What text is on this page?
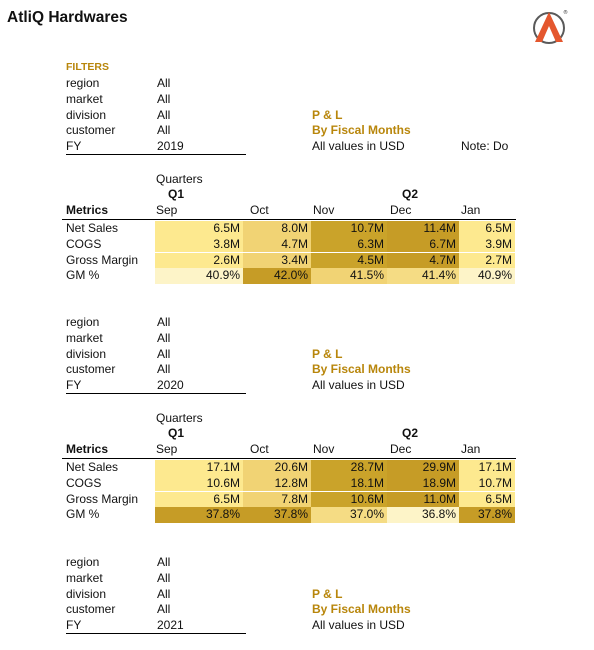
AtliQ Hardwares	®
FILTERS
region	All
market	All
division	All
customer	All
FY	2019
P & L
By Fiscal Months
All values in USD	Note: Do
Quarters
Q1	Q2
Metrics	Sep	Oct	Nov	Dec	Jan
Net Sales	6.5M	8.0M	10.7M	11.4M	6.5M
COGS	3.8M	4.7M	6.3M	6.7M	3.9M
Gross Margin	2.6M	3.4M	4.5M	4.7M	2.7M
GM %	40.9%	42.0%	41.5%	41.4%	40.9%
region	All
market	All
division	All
customer	All
FY	2020
P & L
By Fiscal Months
All values in USD
Quarters
Q1	Q2
Metrics	Sep	Oct	Nov	Dec	Jan
Net Sales	17.1M	20.6M	28.7M	29.9M	17.1M
COGS	10.6M	12.8M	18.1M	18.9M	10.7M
Gross Margin	6.5M	7.8M	10.6M	11.0M	6.5M
GM %	37.8%	37.8%	37.0%	36.8%	37.8%
region	All
market	All
division	All
customer	All
FY	2021
P & L
By Fiscal Months
All values in USD
